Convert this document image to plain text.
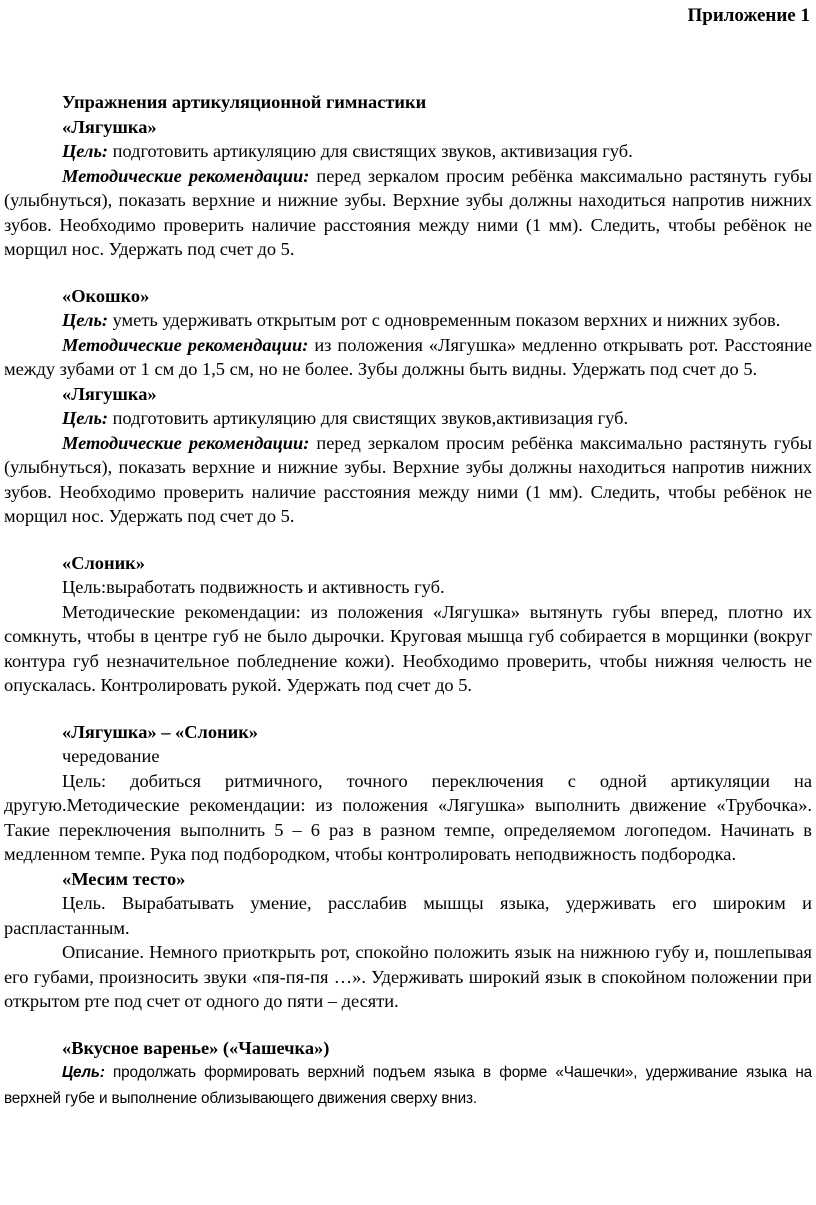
Приложение 1

Упражнения артикуляционной гимнастики

«Лягушка»

Цель: подготовить артикуляцию для свистящих звуков, активизация губ.

Методические рекомендации: перед зеркалом просим ребёнка максимально растянуть губы (улыбнуться), показать верхние и нижние зубы. Верхние зубы должны находиться напротив нижних зубов. Необходимо проверить наличие расстояния между ними (1 мм). Следить, чтобы ребёнок не морщил нос. Удержать под счет до 5.

«Окошко»

Цель: уметь удерживать открытым рот с одновременным показом верхних и нижних зубов.

Методические рекомендации: из положения «Лягушка» медленно открывать рот. Расстояние между зубами от 1 см до 1,5 см, но не более. Зубы должны быть видны. Удержать под счет до 5.

«Лягушка»

Цель: подготовить артикуляцию для свистящих звуков,активизация губ.

Методические рекомендации: перед зеркалом просим ребёнка максимально растянуть губы (улыбнуться), показать верхние и нижние зубы. Верхние зубы должны находиться напротив нижних зубов. Необходимо проверить наличие расстояния между ними (1 мм). Следить, чтобы ребёнок не морщил нос. Удержать под счет до 5.

«Слоник»

Цель:выработать подвижность и активность губ.

Методические рекомендации: из положения «Лягушка» вытянуть губы вперед, плотно их сомкнуть, чтобы в центре губ не было дырочки. Круговая мышца губ собирается в морщинки (вокруг контура губ незначительное побледнение кожи). Необходимо проверить, чтобы нижняя челюсть не опускалась. Контролировать рукой. Удержать под счет до 5.

«Лягушка» – «Слоник»

чередование

Цель: добиться ритмичного, точного переключения с одной артикуляции на другую.Методические рекомендации: из положения «Лягушка» выполнить движение «Трубочка». Такие переключения выполнить 5 – 6 раз в разном темпе, определяемом логопедом. Начинать в медленном темпе. Рука под подбородком, чтобы контролировать неподвижность подбородка.

«Месим тесто»

Цель. Вырабатывать умение, расслабив мышцы языка, удерживать его широким и распластанным.

Описание. Немного приоткрыть рот, спокойно положить язык на нижнюю губу и, пошлепывая его губами, произносить звуки «пя-пя-пя …». Удерживать широкий язык в спокойном положении при открытом рте под счет от одного до пяти – десяти.

«Вкусное варенье» («Чашечка»)

Цель: продолжать формировать верхний подъем языка в форме «Чашечки», удерживание языка на верхней губе и выполнение облизывающего движения сверху вниз.
